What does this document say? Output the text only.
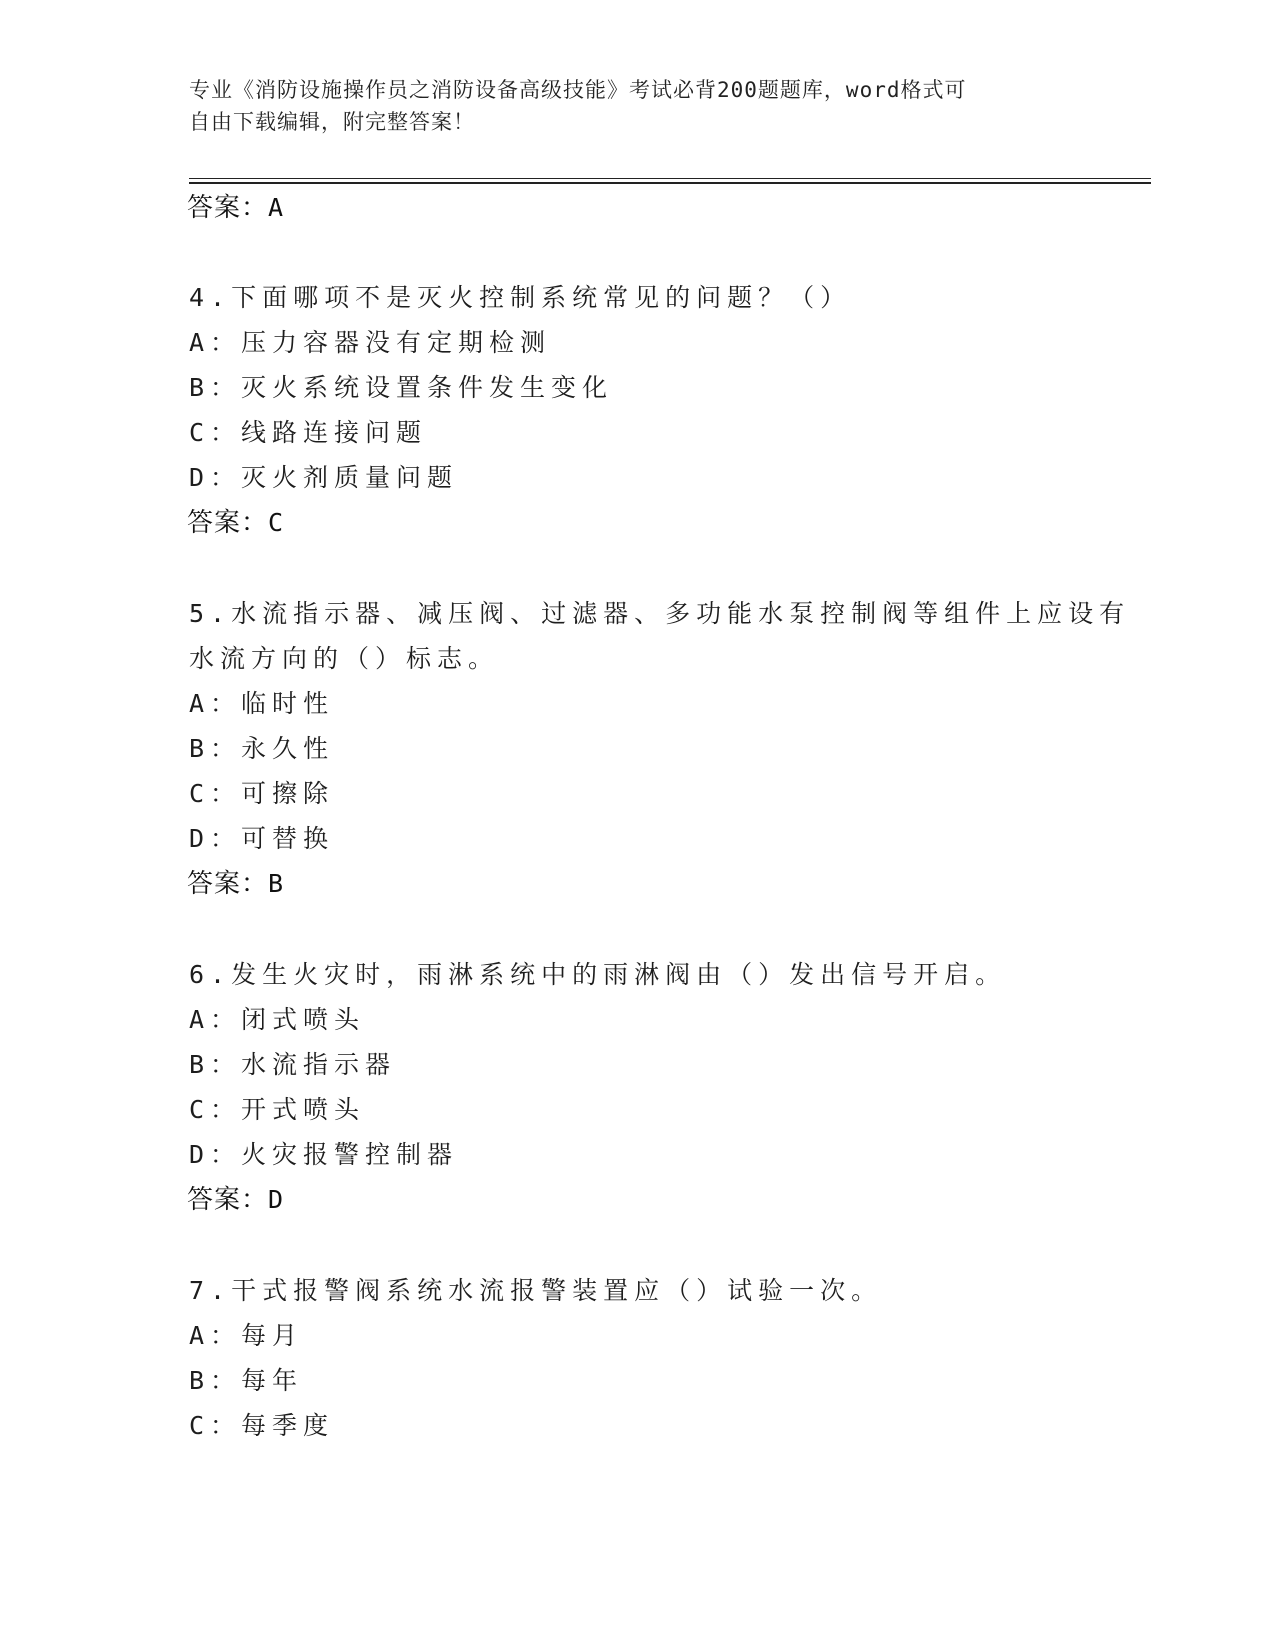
专业《消防设施操作员之消防设备高级技能》考试必背200题题库，word格式可
自由下载编辑，附完整答案！
答案：A
4.下面哪项不是灭火控制系统常见的问题？（）
A：压力容器没有定期检测
B：灭火系统设置条件发生变化
C：线路连接问题
D：灭火剂质量问题
答案：C
5.水流指示器、减压阀、过滤器、多功能水泵控制阀等组件上应设有
水流方向的（）标志。
A：临时性
B：永久性
C：可擦除
D：可替换
答案：B
6.发生火灾时，雨淋系统中的雨淋阀由（）发出信号开启。
A：闭式喷头
B：水流指示器
C：开式喷头
D：火灾报警控制器
答案：D
7.干式报警阀系统水流报警装置应（）试验一次。
A：每月
B：每年
C：每季度
